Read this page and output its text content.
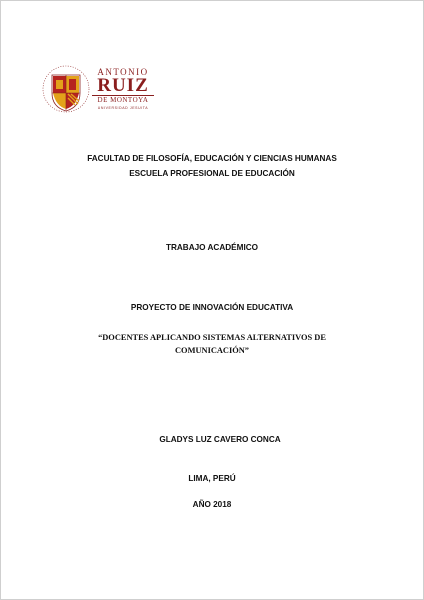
ANTONIO
RUIZ
DE MONTOYA
UNIVERSIDAD JESUITA
FACULTAD DE FILOSOFÍA, EDUCACIÓN Y CIENCIAS HUMANAS
ESCUELA PROFESIONAL DE EDUCACIÓN
TRABAJO ACADÉMICO
PROYECTO DE INNOVACIÓN EDUCATIVA
“DOCENTES APLICANDO SISTEMAS ALTERNATIVOS DE
COMUNICACIÓN”
GLADYS LUZ CAVERO CONCA
LIMA, PERÚ
AÑO 2018
